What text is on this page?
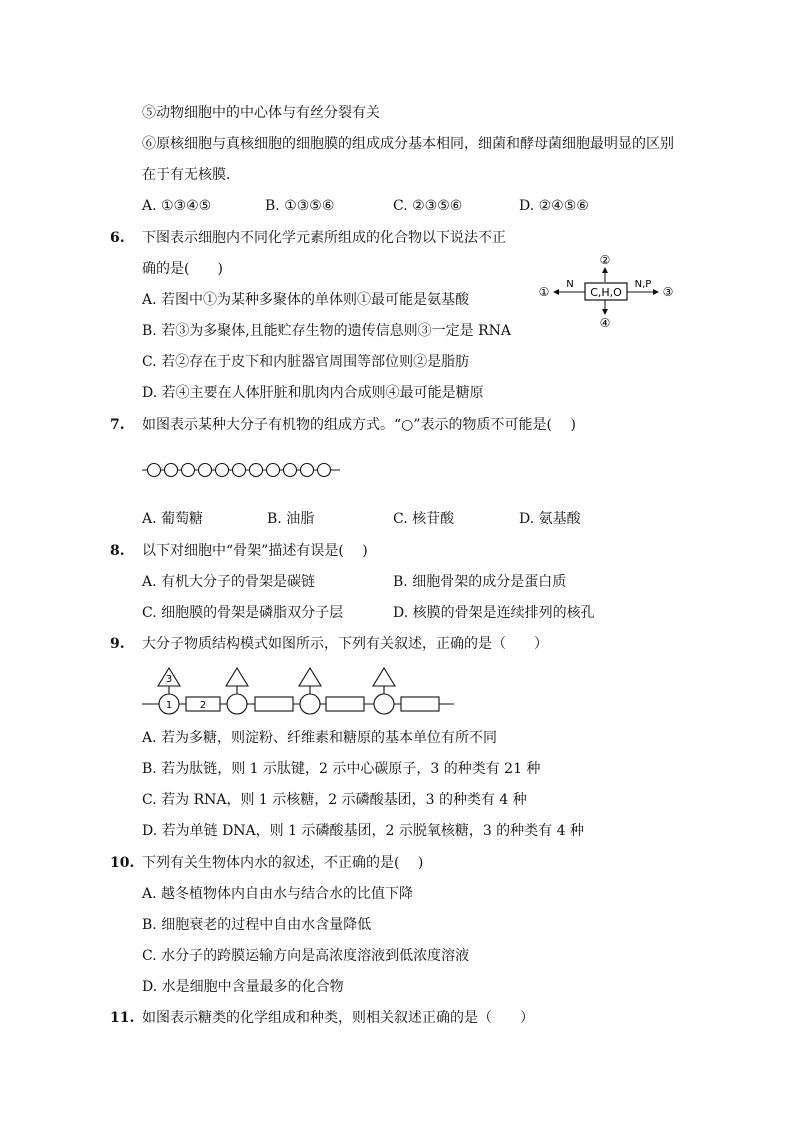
⑤动物细胞中的中心体与有丝分裂有关
⑥原核细胞与真核细胞的细胞膜的组成成分基本相同，细菌和酵母菌细胞最明显的区别
在于有无核膜．
A. ①③④⑤	B. ①③⑤⑥	C. ②③⑤⑥	D. ②④⑤⑥
6. 下图表示细胞内不同化学元素所组成的化合物以下说法不正
确的是(　　)
A. 若图中①为某种多聚体的单体则①最可能是氨基酸
B. 若③为多聚体,且能贮存生物的遗传信息则③一定是 RNA
C. 若②存在于皮下和内脏器官周围等部位则②是脂肪
D. 若④主要在人体肝脏和肌肉内合成则④最可能是糖原
②
C,H,O
①
N	N,P
③
④
7. 如图表示某种大分子有机物的组成方式。“○”表示的物质不可能是(　 )
A. 葡萄糖	B. 油脂	C. 核苷酸	D. 氨基酸
8. 以下对细胞中“骨架”描述有误是(　 )
A. 有机大分子的骨架是碳链	B. 细胞骨架的成分是蛋白质
C. 细胞膜的骨架是磷脂双分子层	D. 核膜的骨架是连续排列的核孔
9. 大分子物质结构模式如图所示，下列有关叙述，正确的是（　　）
3
1	2
A. 若为多糖，则淀粉、纤维素和糖原的基本单位有所不同
B. 若为肽链，则 1 示肽键，2 示中心碳原子，3 的种类有 21 种
C. 若为 RNA，则 1 示核糖，2 示磷酸基团，3 的种类有 4 种
D. 若为单链 DNA，则 1 示磷酸基团，2 示脱氧核糖，3 的种类有 4 种
10. 下列有关生物体内水的叙述，不正确的是(　 )
A. 越冬植物体内自由水与结合水的比值下降
B. 细胞衰老的过程中自由水含量降低
C. 水分子的跨膜运输方向是高浓度溶液到低浓度溶液
D. 水是细胞中含量最多的化合物
11. 如图表示糖类的化学组成和种类，则相关叙述正确的是（　　）
